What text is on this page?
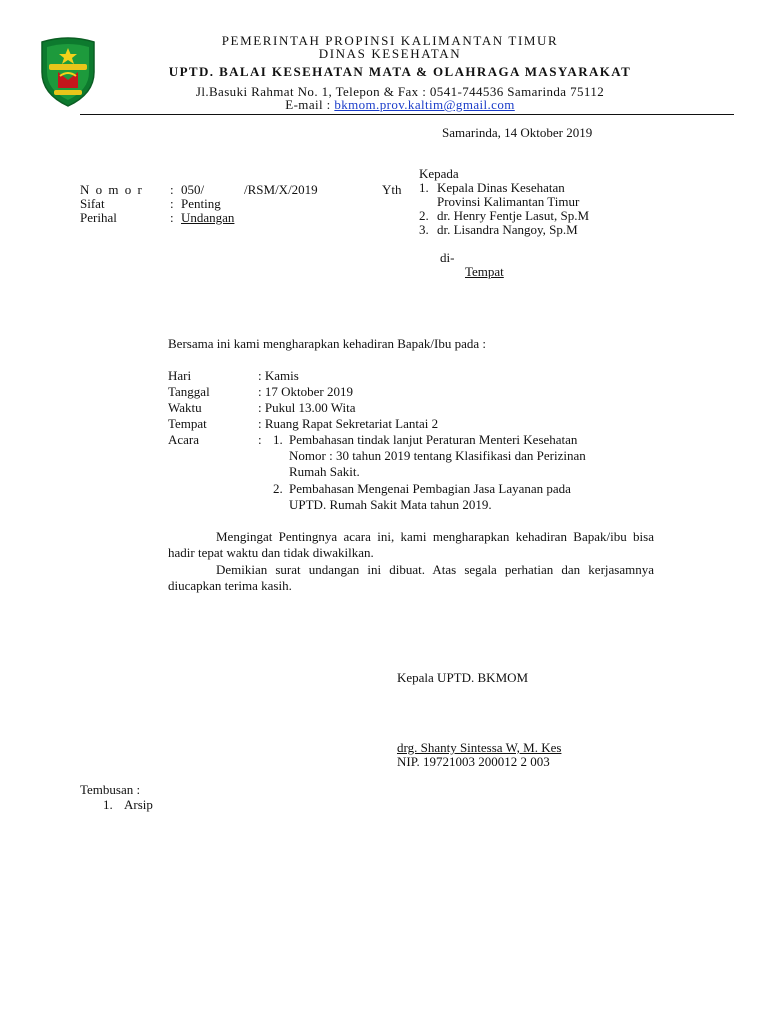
PEMERINTAH PROPINSI KALIMANTAN TIMUR
DINAS KESEHATAN
UPTD. BALAI KESEHATAN MATA & OLAHRAGA MASYARAKAT
Jl.Basuki Rahmat No. 1, Telepon & Fax : 0541-744536 Samarinda 75112
E-mail : bkmom.prov.kaltim@gmail.com
Samarinda, 14 Oktober 2019
N o m o r : 050/	/RSM/X/2019
Sifat	: Penting
Perihal	: Undangan
Yth
Kepada
1. Kepala Dinas Kesehatan
Provinsi Kalimantan Timur
2. dr. Henry Fentje Lasut, Sp.M
3. dr. Lisandra Nangoy, Sp.M
di-
Tempat
Bersama ini kami mengharapkan kehadiran Bapak/Ibu pada :
Hari	: Kamis
Tanggal	: 17 Oktober 2019
Waktu	: Pukul 13.00 Wita
Tempat	: Ruang Rapat Sekretariat Lantai 2
Acara	: 1. Pembahasan tindak lanjut Peraturan Menteri Kesehatan
Nomor : 30 tahun 2019 tentang Klasifikasi dan Perizinan
Rumah Sakit.
2. Pembahasan Mengenai Pembagian Jasa Layanan pada
UPTD. Rumah Sakit Mata tahun 2019.
Mengingat Pentingnya acara ini, kami mengharapkan kehadiran Bapak/ibu bisa hadir tepat waktu dan tidak diwakilkan.
Demikian surat undangan ini dibuat. Atas segala perhatian dan kerjasamnya diucapkan terima kasih.
Kepala UPTD. BKMOM
drg. Shanty Sintessa W, M. Kes
NIP. 19721003 200012 2 003
Tembusan :
1. Arsip
